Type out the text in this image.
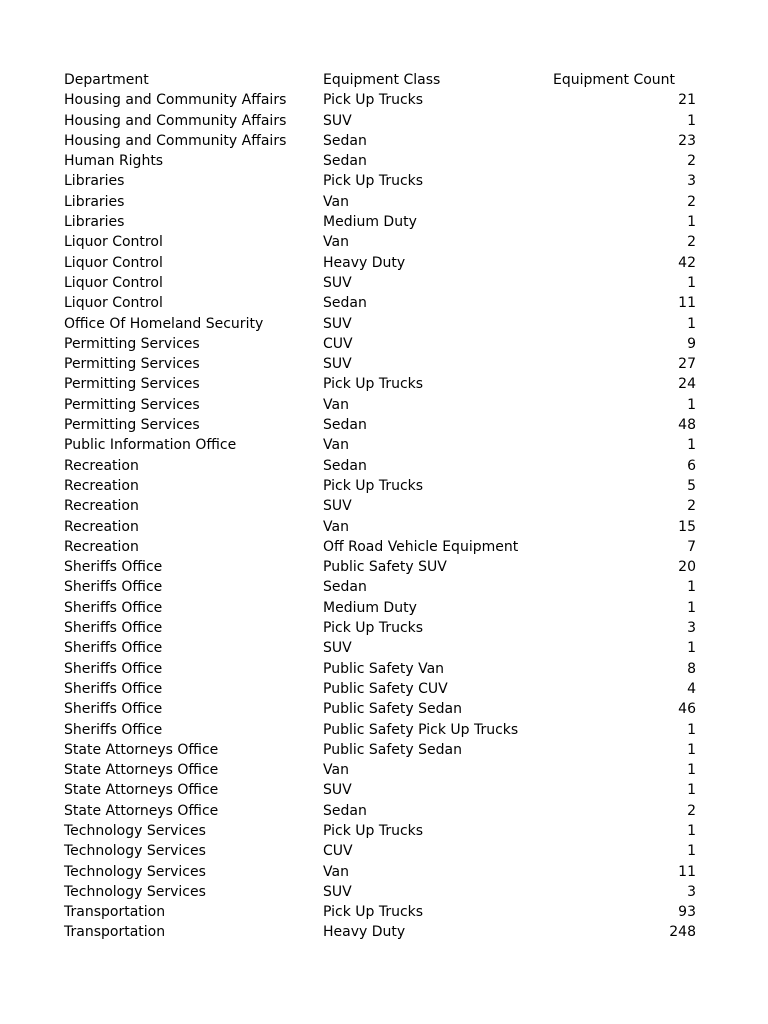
Department	Equipment Class	Equipment Count
Housing and Community Affairs	Pick Up Trucks	21
Housing and Community Affairs	SUV	1
Housing and Community Affairs	Sedan	23
Human Rights	Sedan	2
Libraries	Pick Up Trucks	3
Libraries	Van	2
Libraries	Medium Duty	1
Liquor Control	Van	2
Liquor Control	Heavy Duty	42
Liquor Control	SUV	1
Liquor Control	Sedan	11
Office Of Homeland Security	SUV	1
Permitting Services	CUV	9
Permitting Services	SUV	27
Permitting Services	Pick Up Trucks	24
Permitting Services	Van	1
Permitting Services	Sedan	48
Public Information Office	Van	1
Recreation	Sedan	6
Recreation	Pick Up Trucks	5
Recreation	SUV	2
Recreation	Van	15
Recreation	Off Road Vehicle Equipment	7
Sheriffs Office	Public Safety SUV	20
Sheriffs Office	Sedan	1
Sheriffs Office	Medium Duty	1
Sheriffs Office	Pick Up Trucks	3
Sheriffs Office	SUV	1
Sheriffs Office	Public Safety Van	8
Sheriffs Office	Public Safety CUV	4
Sheriffs Office	Public Safety Sedan	46
Sheriffs Office	Public Safety Pick Up Trucks	1
State Attorneys Office	Public Safety Sedan	1
State Attorneys Office	Van	1
State Attorneys Office	SUV	1
State Attorneys Office	Sedan	2
Technology Services	Pick Up Trucks	1
Technology Services	CUV	1
Technology Services	Van	11
Technology Services	SUV	3
Transportation	Pick Up Trucks	93
Transportation	Heavy Duty	248
